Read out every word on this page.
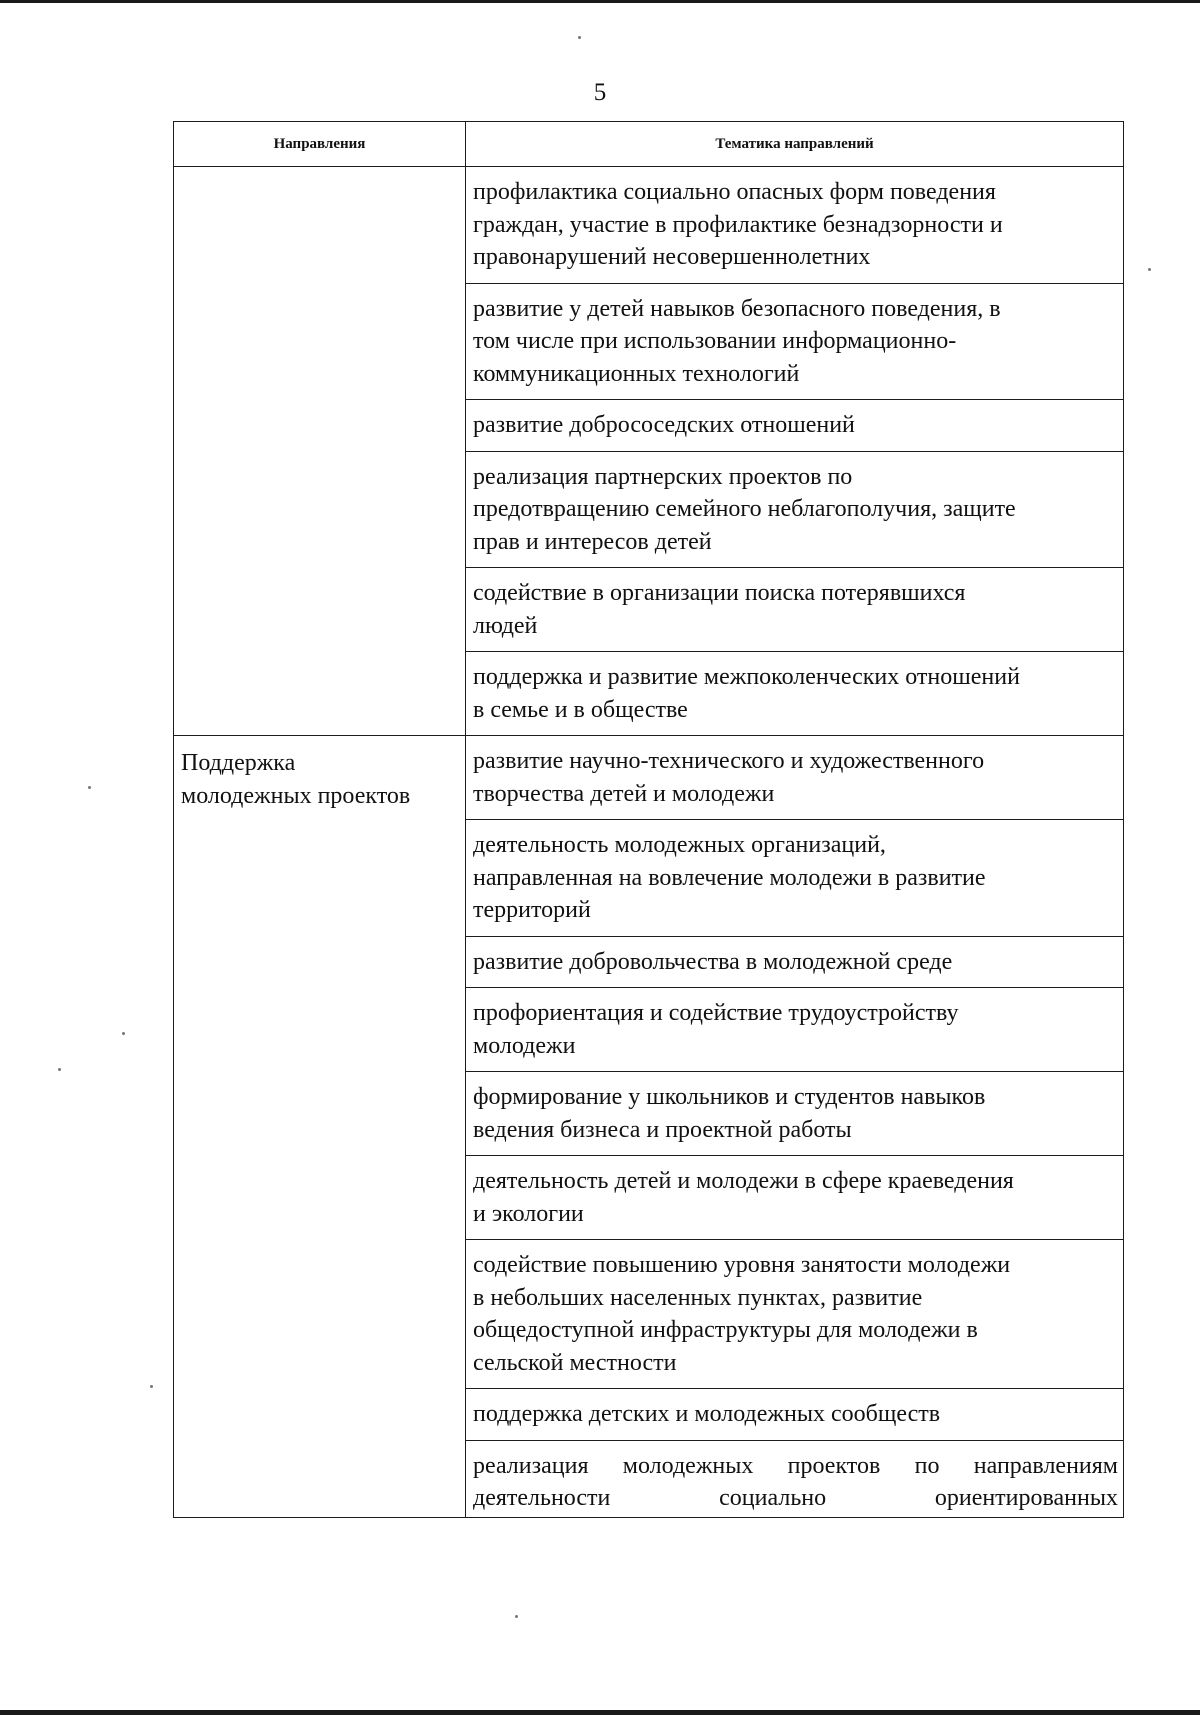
5
Направления	Тематика направлений
	профилактика социально опасных форм поведения
граждан, участие в профилактике безнадзорности и
правонарушений несовершеннолетних
	развитие у детей навыков безопасного поведения, в
том числе при использовании информационно-
коммуникационных технологий
	развитие добрососедских отношений
	реализация партнерских проектов по
предотвращению семейного неблагополучия, защите
прав и интересов детей
	содействие в организации поиска потерявшихся
людей
	поддержка и развитие межпоколенческих отношений
в семье и в обществе
Поддержка
молодежных проектов	развитие научно-технического и художественного
творчества детей и молодежи
	деятельность молодежных организаций,
направленная на вовлечение молодежи в развитие
территорий
	развитие добровольчества в молодежной среде
	профориентация и содействие трудоустройству
молодежи
	формирование у школьников и студентов навыков
ведения бизнеса и проектной работы
	деятельность детей и молодежи в сфере краеведения
и экологии
	содействие повышению уровня занятости молодежи
в небольших населенных пунктах, развитие
общедоступной инфраструктуры для молодежи в
сельской местности
	поддержка детских и молодежных сообществ
	реализация молодежных проектов по направлениям
деятельности социально ориентированных
